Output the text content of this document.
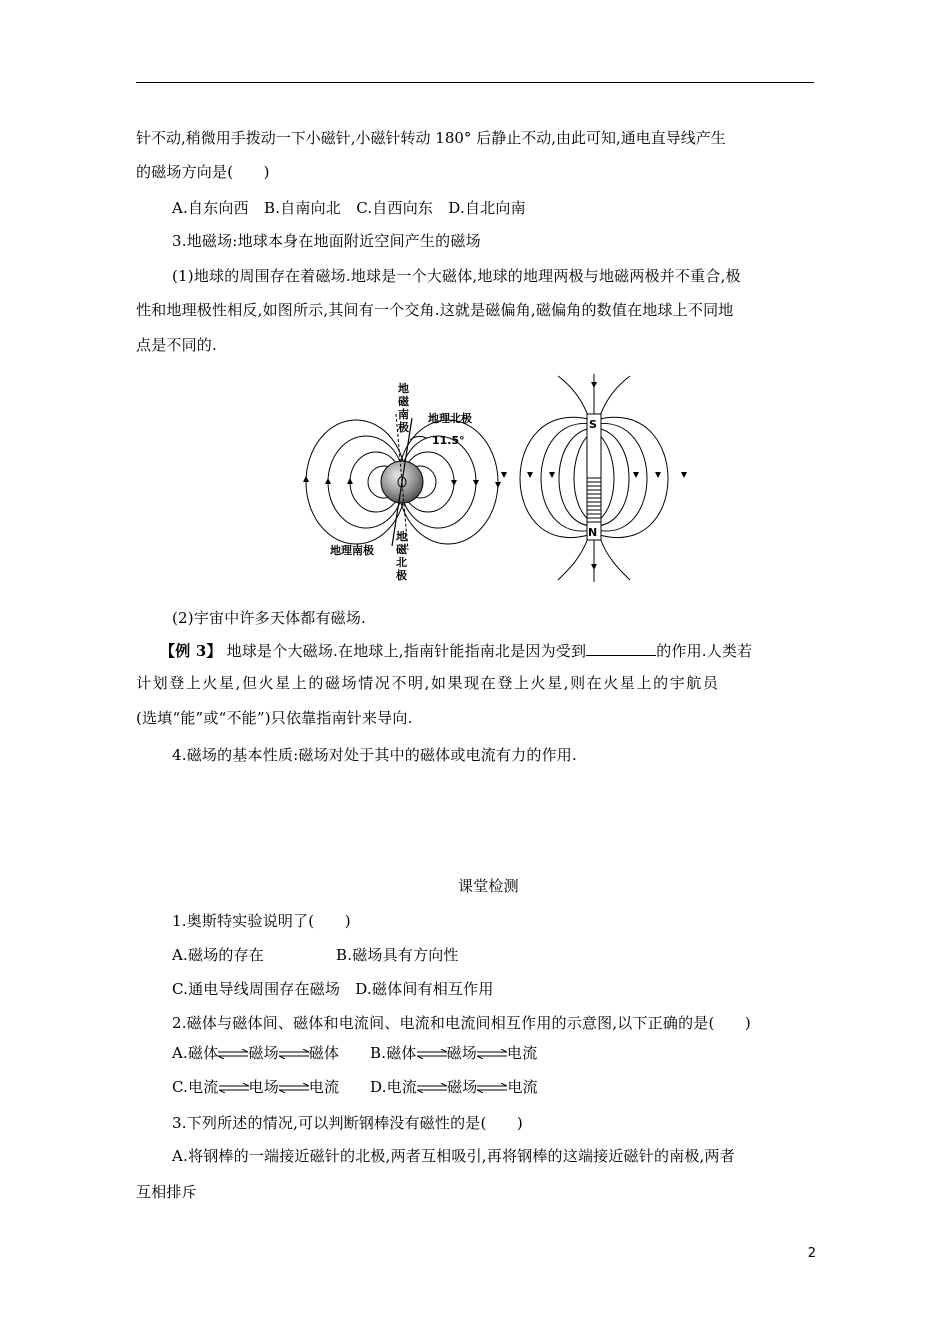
针不动,稍微用手拨动一下小磁针,小磁针转动 180° 后静止不动,由此可知,通电直导线产生
的磁场方向是(　　)
A.自东向西　B.自南向北　C.自西向东　D.自北向南
3.地磁场:地球本身在地面附近空间产生的磁场
(1)地球的周围存在着磁场.地球是一个大磁体,地球的地理两极与地磁两极并不重合,极
性和地理极性相反,如图所示,其间有一个交角.这就是磁偏角,磁偏角的数值在地球上不同地
点是不同的.
地
磁
南
极
地理北极
11.5°
地理南极
地
磁
北
极
S
N
(2)宇宙中许多天体都有磁场.
【例 3】 地球是个大磁场.在地球上,指南针能指南北是因为受到	的作用.人类若
计划登上火星,但火星上的磁场情况不明,如果现在登上火星,则在火星上的宇航员
(选填“能”或“不能”)只依靠指南针来导向.
4.磁场的基本性质:磁场对处于其中的磁体或电流有力的作用.
课堂检测
1.奥斯特实验说明了(　　)
A.磁场的存在	B.磁场具有方向性
C.通电导线周围存在磁场　D.磁体间有相互作用
2.磁体与磁体间、磁体和电流间、电流和电流间相互作用的示意图,以下正确的是(　　)
A.磁体 磁场 磁体 B.磁体 磁场 电流
C.电流 电场 电流 D.电流 磁场 电流
3.下列所述的情况,可以判断钢棒没有磁性的是(　　)
A.将钢棒的一端接近磁针的北极,两者互相吸引,再将钢棒的这端接近磁针的南极,两者
互相排斥
2
